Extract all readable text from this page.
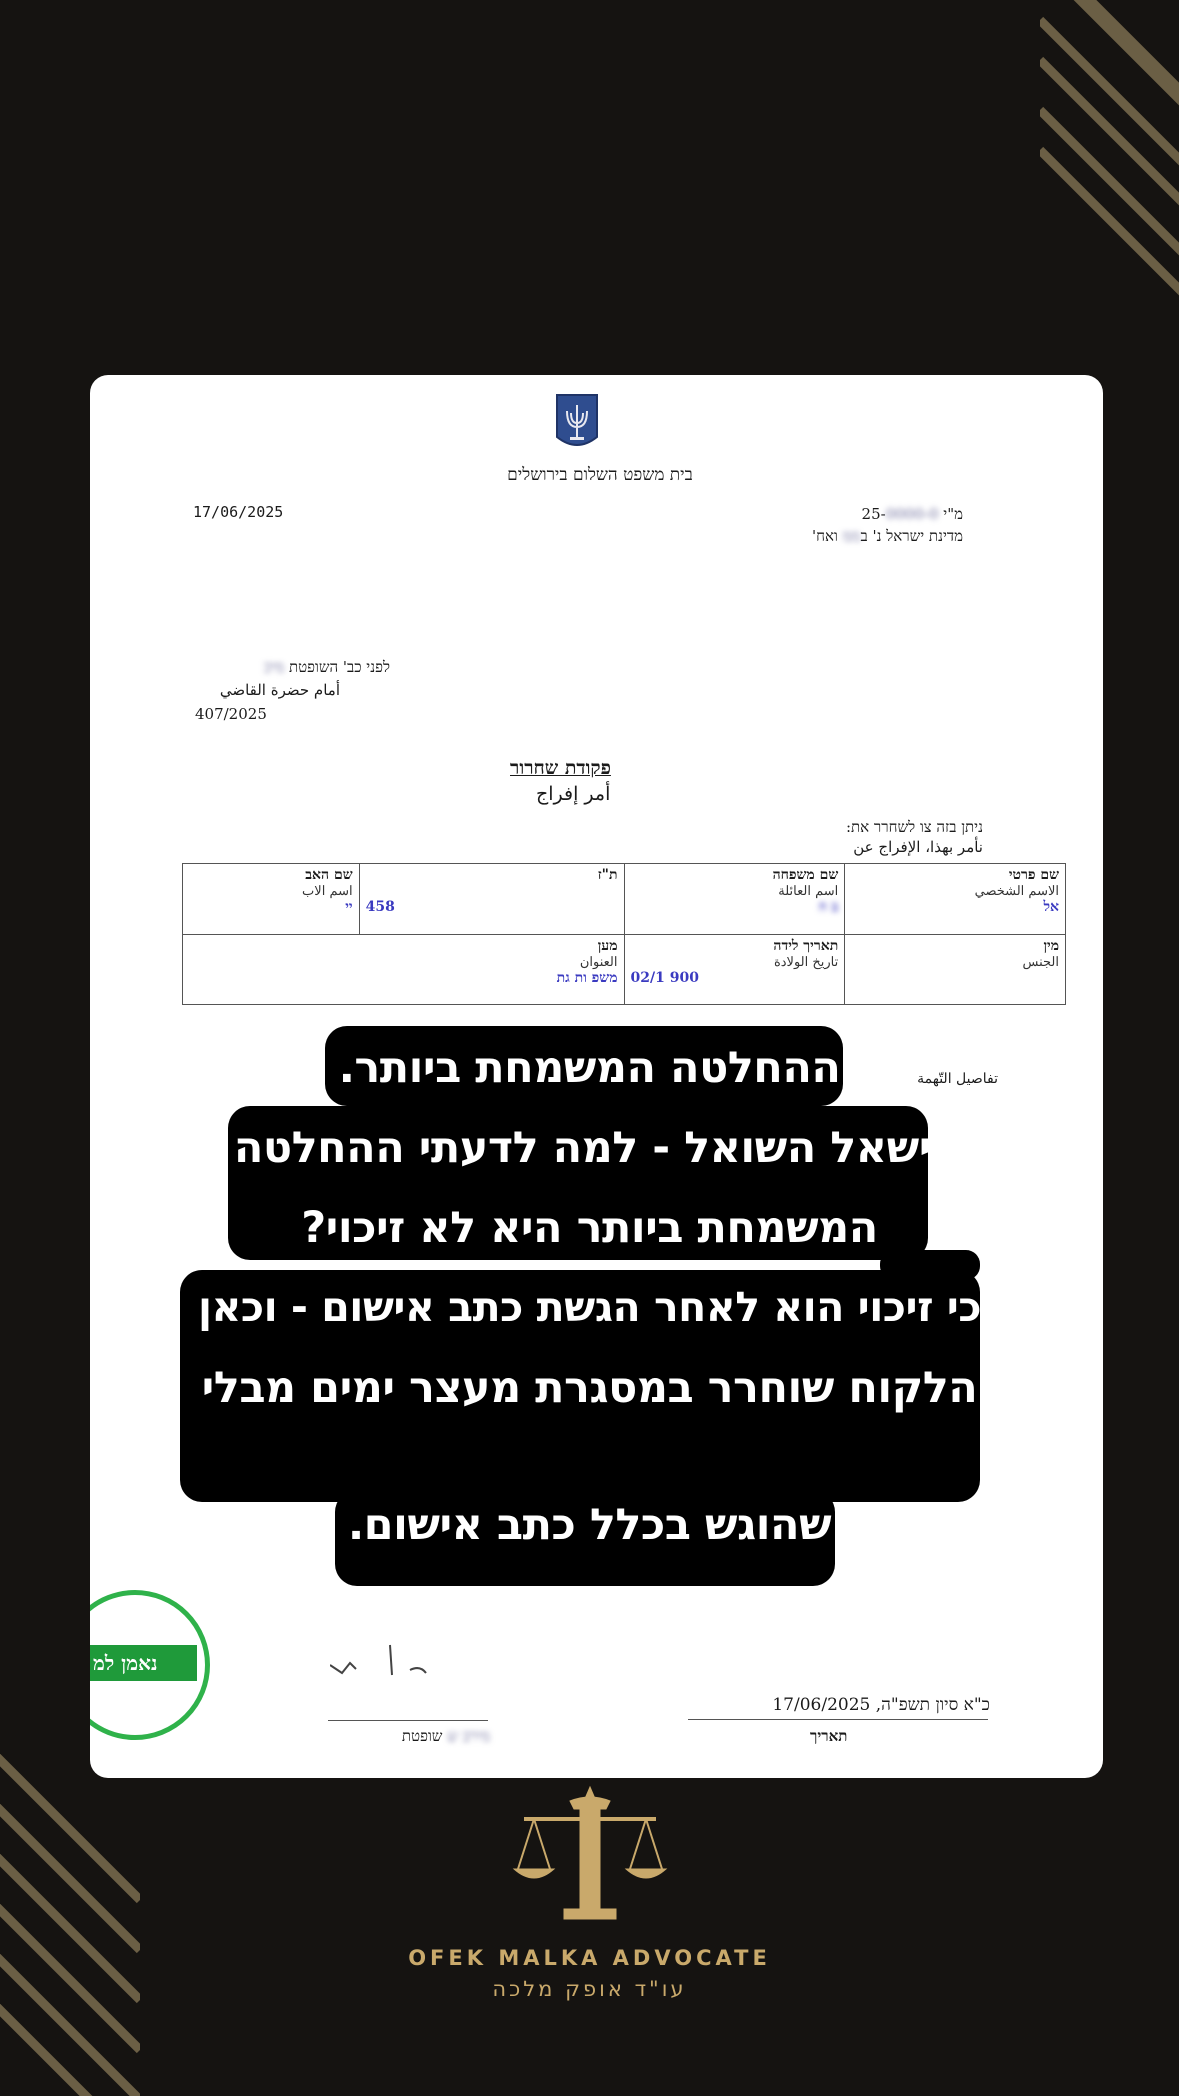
בית משפט השלום בירושלים
17/06/2025	מ"י 25-0000-0
מדינת ישראל נ' בממ ואח'
לפני כב' השופטת מיכ
أمام حضرة القاضي
407/2025
פקודת שחרור
أمر إفراج
ניתן בזה צו לשחרר את:
نأمر بهذا، الإفراج عن
שם פרטי
الاسم الشخصي
אל	שם משפחה
اسم العائلة
ב ה	ת"ז

458	שם האב
اسم الاب
יי

מין
الجنس	תאריך לידה
تاريخ الولادة
02/1 900	מען
العنوان
משפ ות גת	
تفاصيل التّهمة
מירב ש שופטת
כ"א סיון תשפ"ה, 17/06/2025
תאריך
נאמן למ
ההחלטה המשמחת ביותר.
וישאל השואל - למה לדעתי ההחלטה
המשמחת ביותר היא לא זיכוי?
כי זיכוי הוא לאחר הגשת כתב אישום - וכאן
הלקוח שוחרר במסגרת מעצר ימים מבלי
שהוגש בכלל כתב אישום.
OFEK MALKA ADVOCATE
עו"ד אופק מלכה
